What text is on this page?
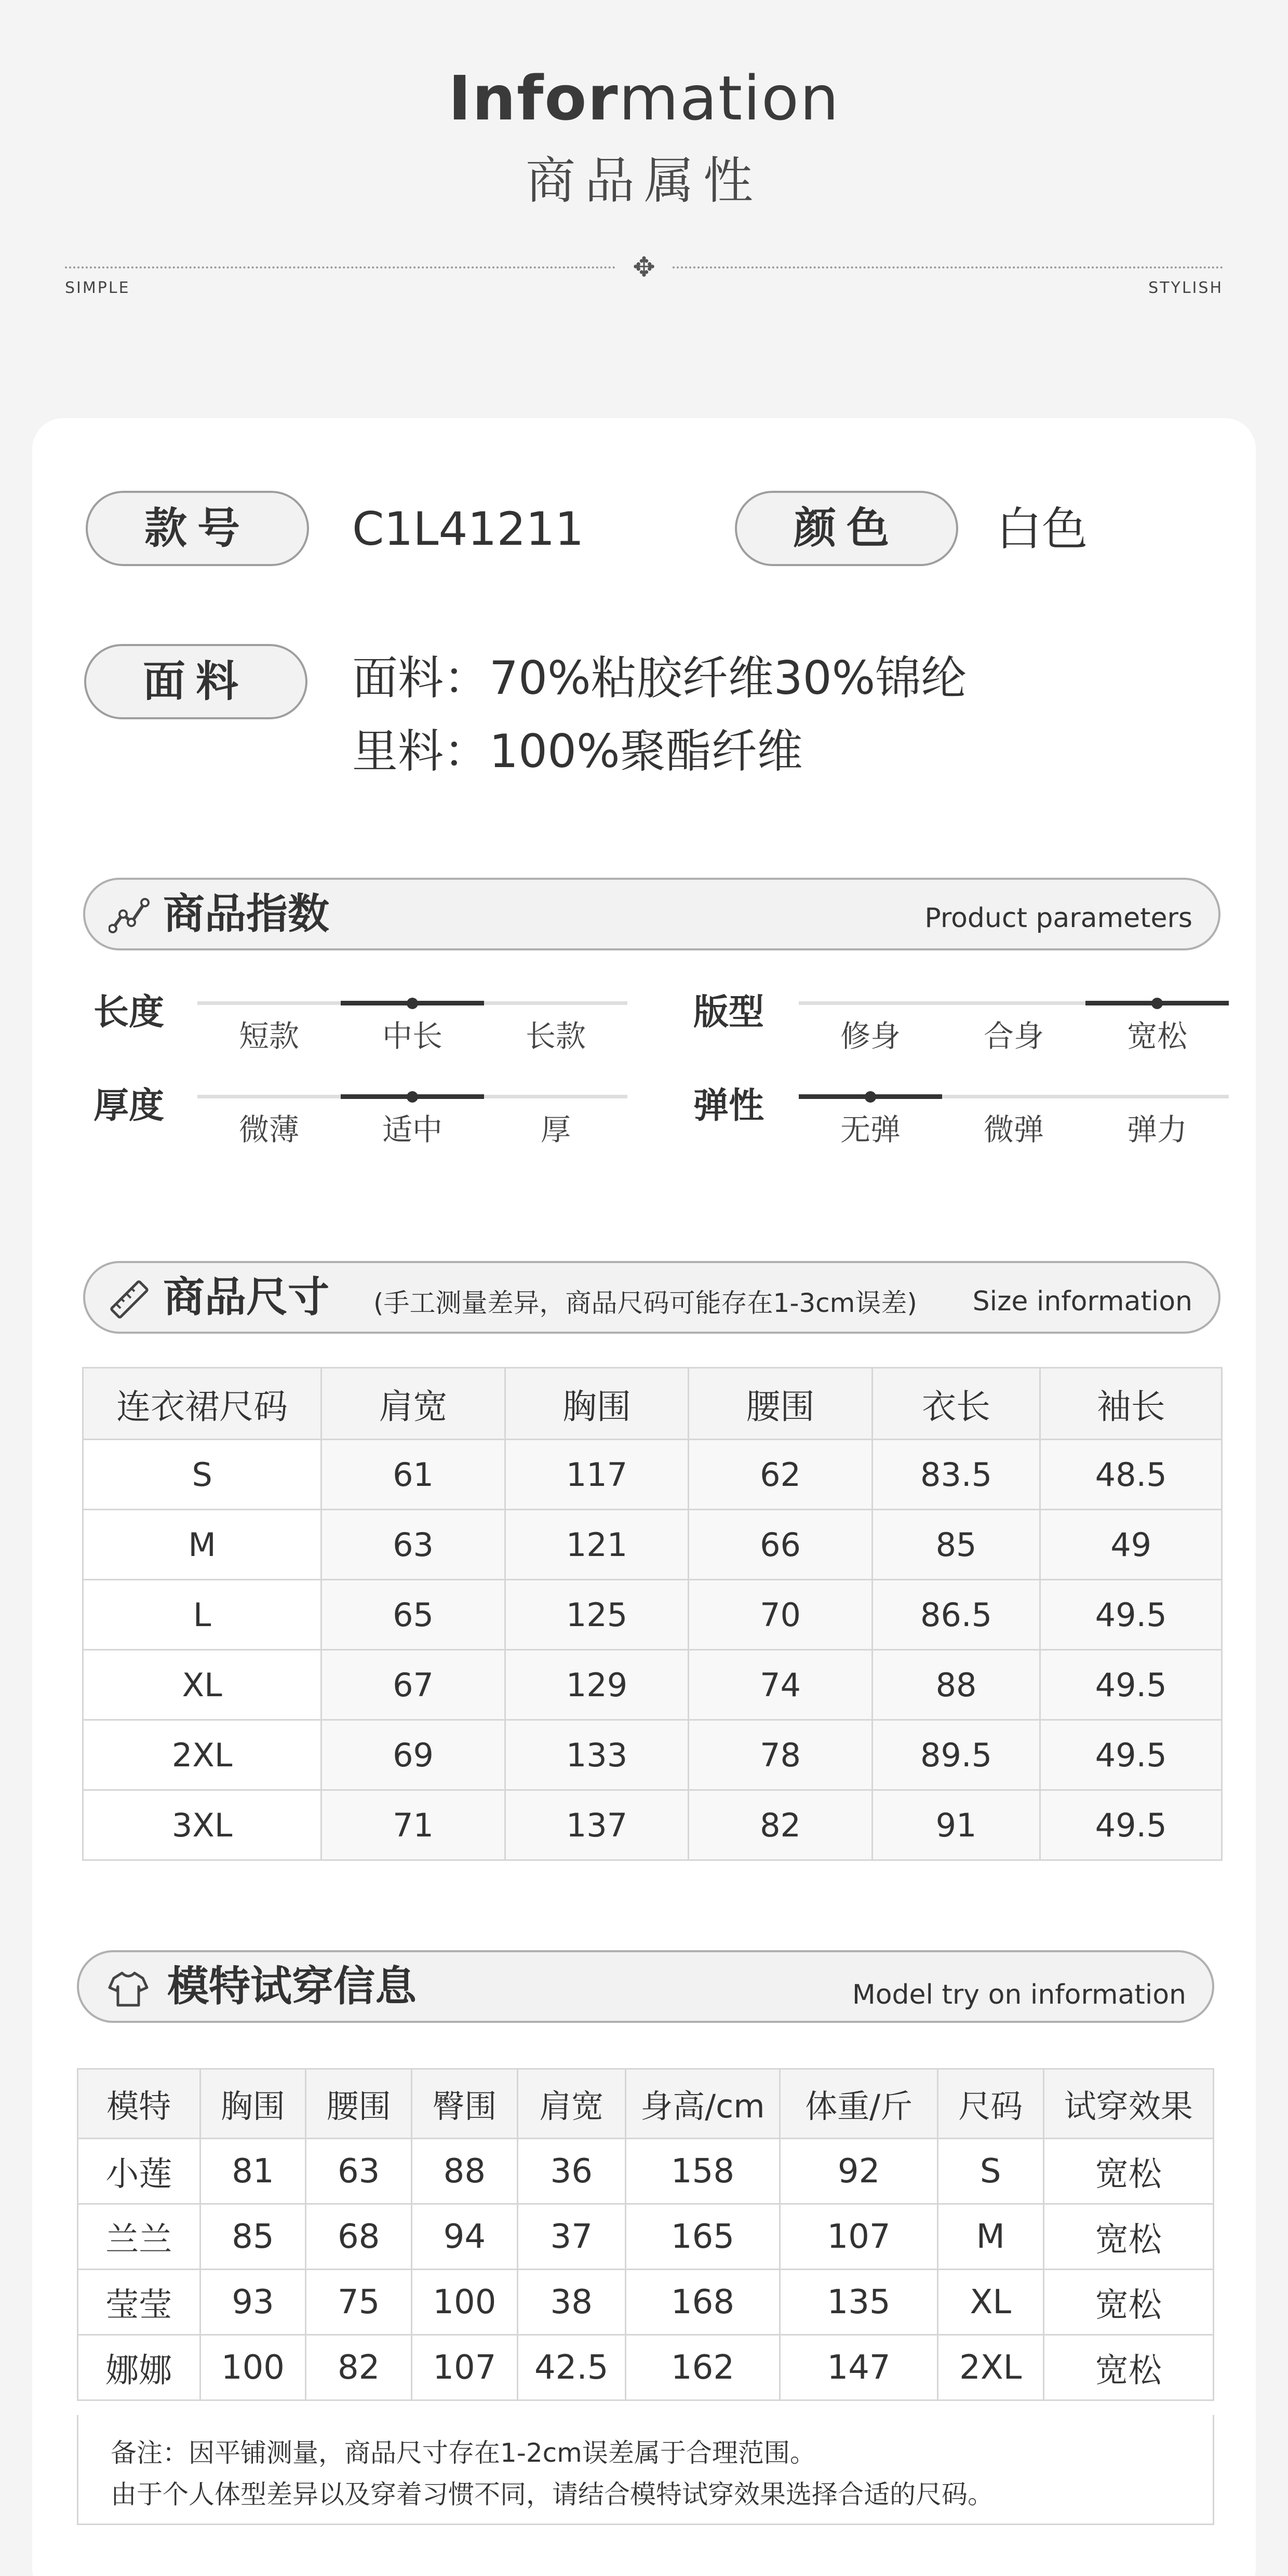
Information
商品属性
✥
SIMPLE	STYLISH
款号	C1L41211	颜色	白色
面料	面料：70%粘胶纤维30%锦纶
里料：100%聚酯纤维
商品指数	Product parameters
长度
短款	中长	长款
版型
修身	合身	宽松
厚度
微薄	适中	厚
弹性
无弹	微弹	弹力
商品尺寸 (手工测量差异，商品尺码可能存在1-3cm误差) Size information
连衣裙尺码	肩宽	胸围	腰围	衣长	袖长
S	61	117	62	83.5	48.5
M	63	121	66	85	49
L	65	125	70	86.5	49.5
XL	67	129	74	88	49.5
2XL	69	133	78	89.5	49.5
3XL	71	137	82	91	49.5
模特试穿信息	Model try on information
模特	胸围	腰围	臀围	肩宽	身高/cm	体重/斤	尺码	试穿效果
小莲	81	63	88	36	158	92	S	宽松
兰兰	85	68	94	37	165	107	M	宽松
莹莹	93	75	100	38	168	135	XL	宽松
娜娜	100	82	107	42.5	162	147	2XL	宽松
备注：因平铺测量，商品尺寸存在1-2cm误差属于合理范围。
由于个人体型差异以及穿着习惯不同，请结合模特试穿效果选择合适的尺码。
